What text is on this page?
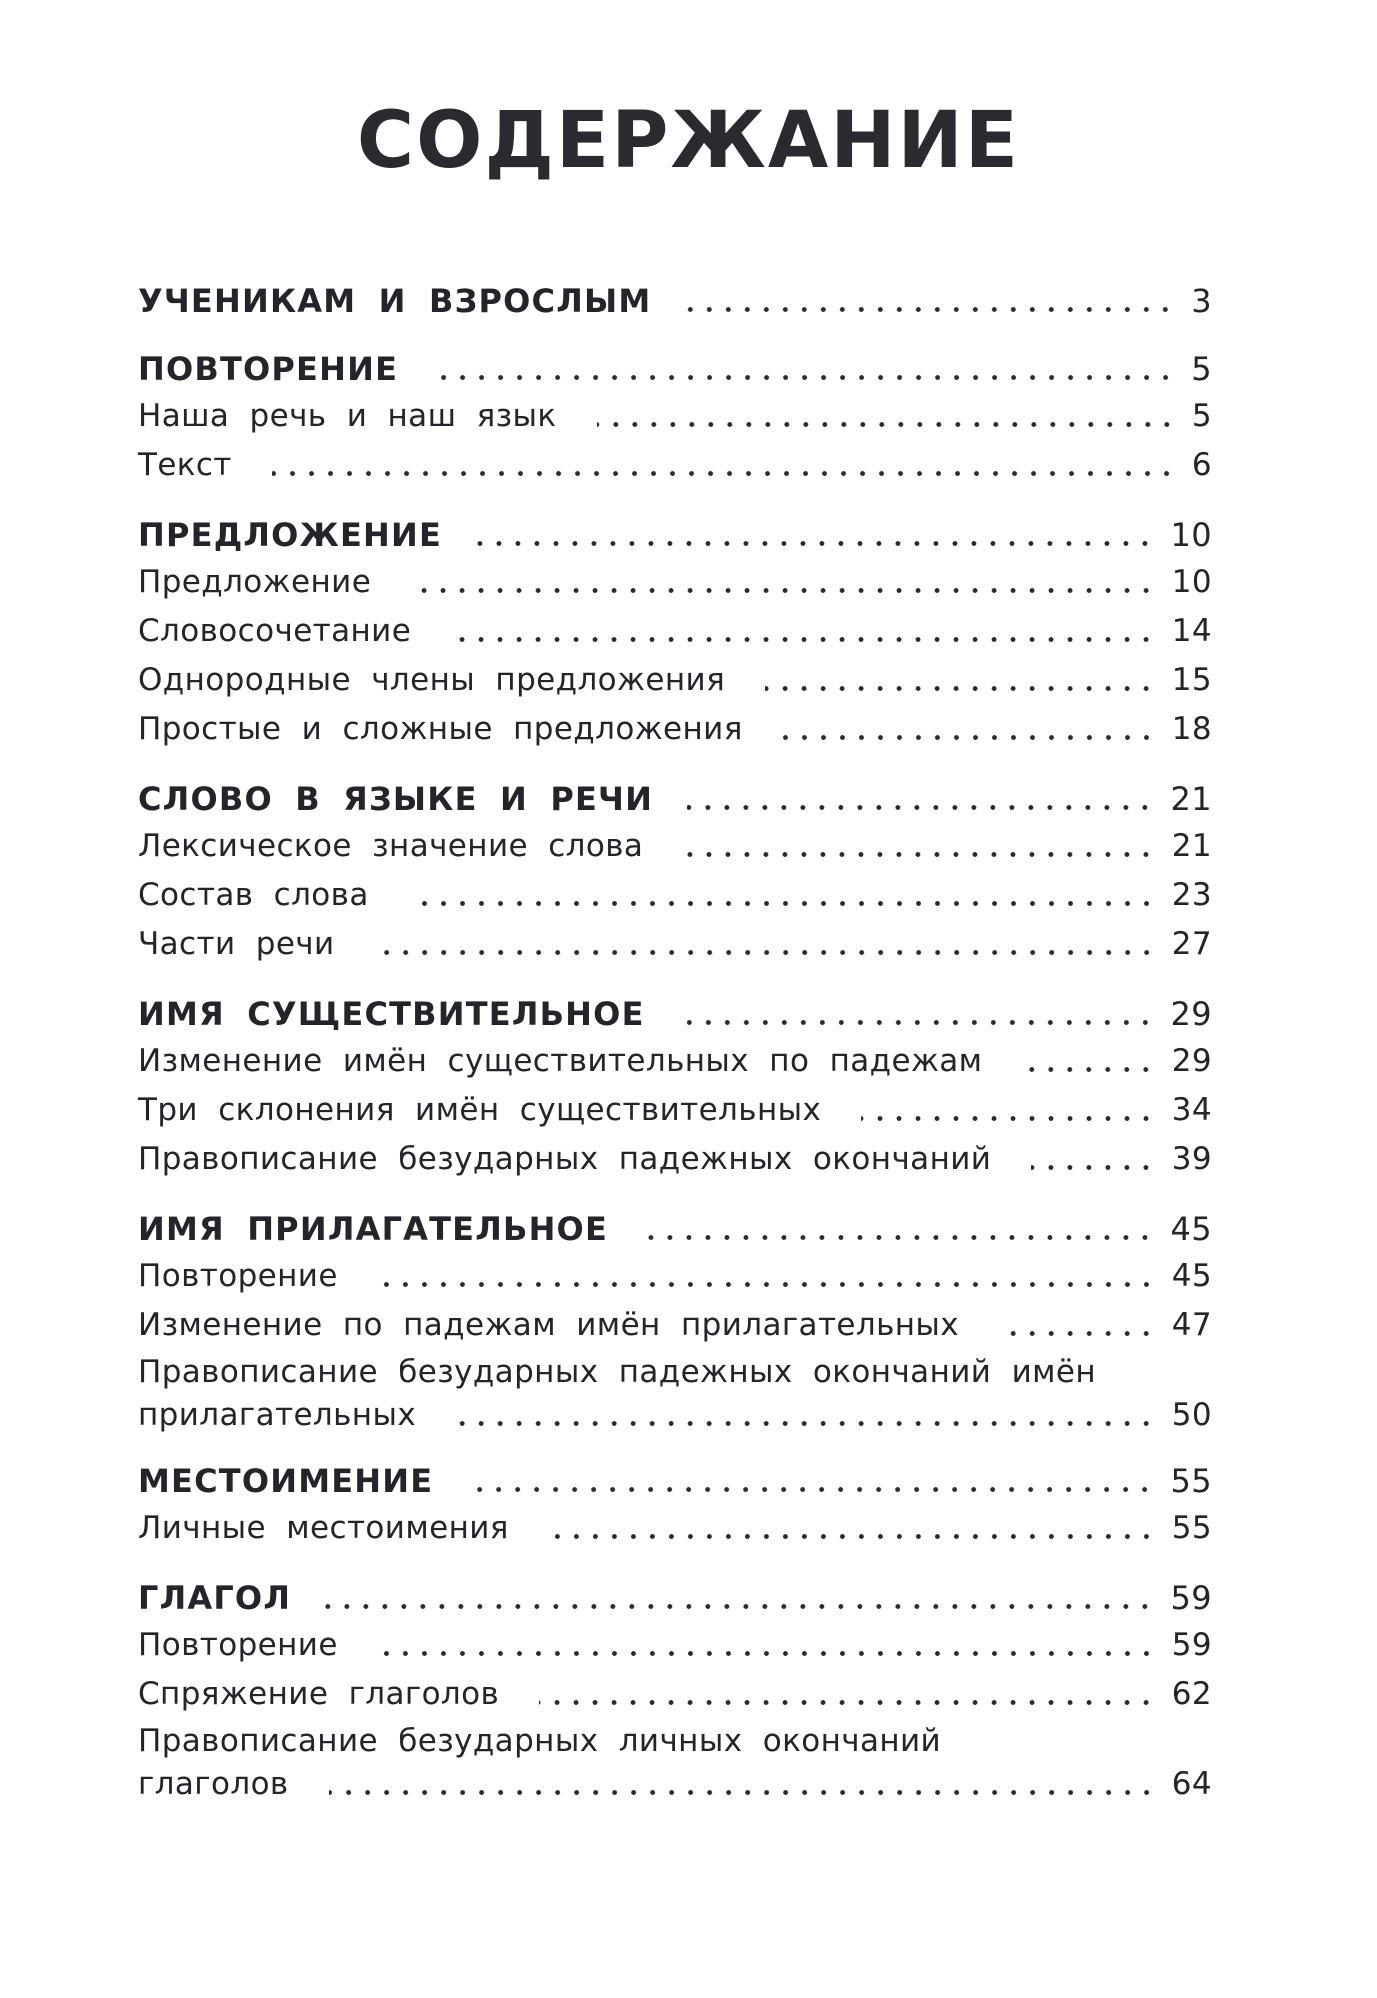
СОДЕРЖАНИЕ
УЧЕНИКАМ И ВЗРОСЛЫМ	3
ПОВТОРЕНИЕ	5
Наша речь и наш язык	5
Текст	6
ПРЕДЛОЖЕНИЕ	10
Предложение	10
Словосочетание	14
Однородные члены предложения	15
Простые и сложные предложения	18
СЛОВО В ЯЗЫКЕ И РЕЧИ	21
Лексическое значение слова	21
Состав слова	23
Части речи	27
ИМЯ СУЩЕСТВИТЕЛЬНОЕ	29
Изменение имён существительных по падежам	29
Три склонения имён существительных	34
Правописание безударных падежных окончаний	39
ИМЯ ПРИЛАГАТЕЛЬНОЕ	45
Повторение	45
Изменение по падежам имён прилагательных	47
Правописание безударных падежных окончаний имён
прилагательных	50
МЕСТОИМЕНИЕ	55
Личные местоимения	55
ГЛАГОЛ	59
Повторение	59
Спряжение глаголов	62
Правописание безударных личных окончаний
глаголов	64
